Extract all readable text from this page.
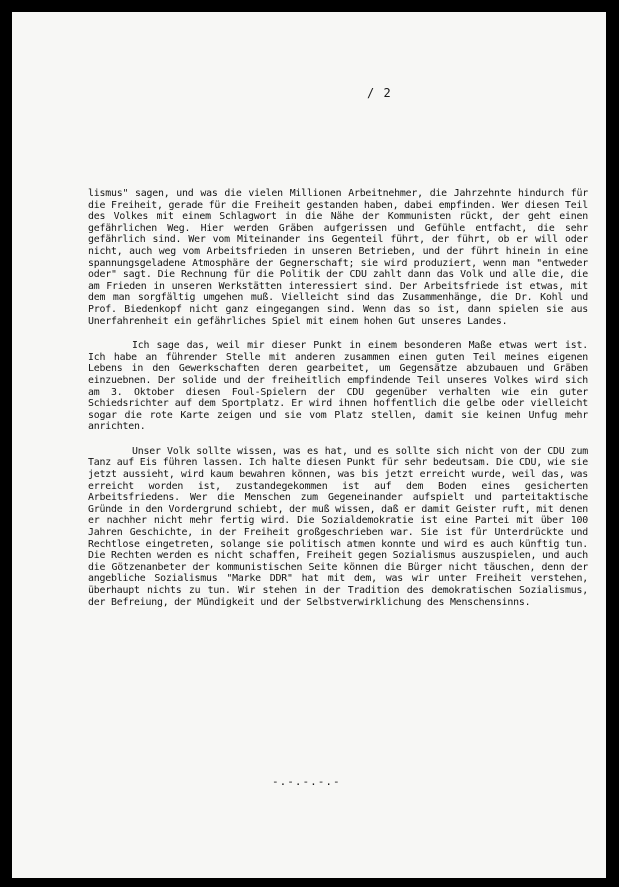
/ 2

lismus" sagen, und was die vielen Millionen Arbeitnehmer, die Jahrzehnte hindurch für die Freiheit, gerade für die Freiheit gestanden haben, dabei empfinden. Wer diesen Teil des Volkes mit einem Schlagwort in die Nähe der Kommunisten rückt, der geht einen gefährlichen Weg. Hier werden Gräben aufgerissen und Gefühle entfacht, die sehr gefährlich sind. Wer vom Miteinander ins Gegenteil führt, der führt, ob er will oder nicht, auch weg vom Arbeitsfrieden in unseren Betrieben, und der führt hinein in eine spannungsgeladene Atmosphäre der Gegnerschaft; sie wird produziert, wenn man "entweder oder" sagt. Die Rechnung für die Politik der CDU zahlt dann das Volk und alle die, die am Frieden in unseren Werkstätten interessiert sind. Der Arbeitsfriede ist etwas, mit dem man sorgfältig umgehen muß. Vielleicht sind das Zusammenhänge, die Dr. Kohl und Prof. Biedenkopf nicht ganz eingegangen sind. Wenn das so ist, dann spielen sie aus Unerfahrenheit ein gefährliches Spiel mit einem hohen Gut unseres Landes.

Ich sage das, weil mir dieser Punkt in einem besonderen Maße etwas wert ist. Ich habe an führender Stelle mit anderen zusammen einen guten Teil meines eigenen Lebens in den Gewerkschaften deren gearbeitet, um Gegensätze abzubauen und Gräben einzuebnen. Der solide und der freiheitlich empfindende Teil unseres Volkes wird sich am 3. Oktober diesen Foul-Spielern der CDU gegenüber verhalten wie ein guter Schiedsrichter auf dem Sportplatz. Er wird ihnen hoffentlich die gelbe oder vielleicht sogar die rote Karte zeigen und sie vom Platz stellen, damit sie keinen Unfug mehr anrichten.

Unser Volk sollte wissen, was es hat, und es sollte sich nicht von der CDU zum Tanz auf Eis führen lassen. Ich halte diesen Punkt für sehr bedeutsam. Die CDU, wie sie jetzt aussieht, wird kaum bewahren können, was bis jetzt erreicht wurde, weil das, was erreicht worden ist, zustandegekommen ist auf dem Boden eines gesicherten Arbeitsfriedens. Wer die Menschen zum Gegeneinander aufspielt und parteitaktische Gründe in den Vordergrund schiebt, der muß wissen, daß er damit Geister ruft, mit denen er nachher nicht mehr fertig wird. Die Sozialdemokratie ist eine Partei mit über 100 Jahren Geschichte, in der Freiheit großgeschrieben war. Sie ist für Unterdrückte und Rechtlose eingetreten, solange sie politisch atmen konnte und wird es auch künftig tun. Die Rechten werden es nicht schaffen, Freiheit gegen Sozialismus auszuspielen, und auch die Götzenanbeter der kommunistischen Seite können die Bürger nicht täuschen, denn der angebliche Sozialismus "Marke DDR" hat mit dem, was wir unter Freiheit verstehen, überhaupt nichts zu tun. Wir stehen in der Tradition des demokratischen Sozialismus, der Befreiung, der Mündigkeit und der Selbstverwirklichung des Menschensinns.

-.-.-.-.-
